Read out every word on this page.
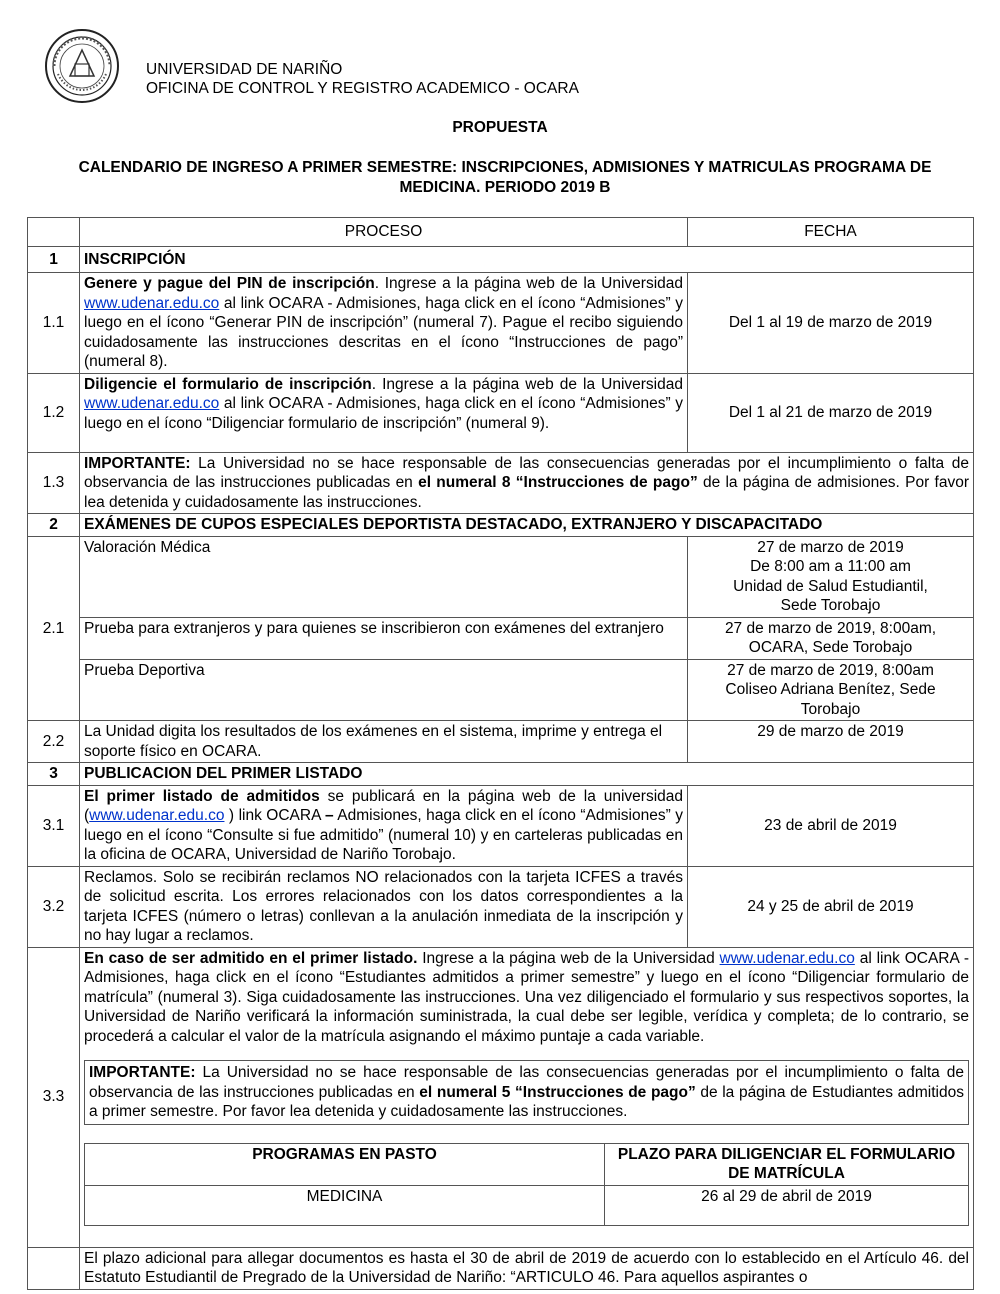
UNIVERSIDAD DE NARIÑO
OFICINA DE CONTROL Y REGISTRO ACADEMICO - OCARA
PROPUESTA
CALENDARIO DE INGRESO A PRIMER SEMESTRE: INSCRIPCIONES, ADMISIONES Y MATRICULAS PROGRAMA DE MEDICINA. PERIODO 2019 B
	PROCESO	FECHA
1	INSCRIPCIÓN
1.1	Genere y pague del PIN de inscripción. Ingrese a la página web de la Universidad www.udenar.edu.co al link OCARA - Admisiones, haga click en el ícono “Admisiones” y luego en el ícono “Generar PIN de inscripción” (numeral 7). Pague el recibo siguiendo cuidadosamente las instrucciones descritas en el ícono “Instrucciones de pago” (numeral 8).	Del 1 al 19 de marzo de 2019
1.2	Diligencie el formulario de inscripción. Ingrese a la página web de la Universidad www.udenar.edu.co al link OCARA - Admisiones, haga click en el ícono “Admisiones” y luego en el ícono “Diligenciar formulario de inscripción” (numeral 9).	Del 1 al 21 de marzo de 2019
1.3	IMPORTANTE: La Universidad no se hace responsable de las consecuencias generadas por el incumplimiento o falta de observancia de las instrucciones publicadas en el numeral 8 “Instrucciones de pago” de la página de admisiones. Por favor lea detenida y cuidadosamente las instrucciones.
2	EXÁMENES DE CUPOS ESPECIALES DEPORTISTA DESTACADO, EXTRANJERO Y DISCAPACITADO
2.1	Valoración Médica	27 de marzo de 2019
De 8:00 am a 11:00 am
Unidad de Salud Estudiantil,
Sede Torobajo

Prueba para extranjeros y para quienes se inscribieron con exámenes del extranjero	27 de marzo de 2019, 8:00am,
OCARA, Sede Torobajo

Prueba Deportiva	27 de marzo de 2019, 8:00am
Coliseo Adriana Benítez, Sede
Torobajo

2.2	La Unidad digita los resultados de los exámenes en el sistema, imprime y entrega el soporte físico en OCARA.	29 de marzo de 2019
3	PUBLICACION DEL PRIMER LISTADO
3.1	El primer listado de admitidos se publicará en la página web de la universidad (www.udenar.edu.co ) link OCARA – Admisiones, haga click en el ícono “Admisiones” y luego en el ícono “Consulte si fue admitido” (numeral 10) y en carteleras publicadas en la oficina de OCARA, Universidad de Nariño Torobajo.	23 de abril de 2019
3.2	Reclamos. Solo se recibirán reclamos NO relacionados con la tarjeta ICFES a través de solicitud escrita. Los errores relacionados con los datos correspondientes a la tarjeta ICFES (número o letras) conllevan a la anulación inmediata de la inscripción y no hay lugar a reclamos.	24 y 25 de abril de 2019
3.3	
En caso de ser admitido en el primer listado. Ingrese a la página web de la Universidad www.udenar.edu.co al link OCARA - Admisiones, haga click en el ícono “Estudiantes admitidos a primer semestre” y luego en el ícono “Diligenciar formulario de matrícula” (numeral 3). Siga cuidadosamente las instrucciones. Una vez diligenciado el formulario y sus respectivos soportes, la Universidad de Nariño verificará la información suministrada, la cual debe ser legible, verídica y completa; de lo contrario, se procederá a calcular el valor de la matrícula asignando el máximo puntaje a cada variable.
IMPORTANTE: La Universidad no se hace responsable de las consecuencias generadas por el incumplimiento o falta de observancia de las instrucciones publicadas en el numeral 5 “Instrucciones de pago” de la página de Estudiantes admitidos a primer semestre. Por favor lea detenida y cuidadosamente las instrucciones.
PROGRAMAS EN PASTO	PLAZO PARA DILIGENCIAR EL FORMULARIO DE MATRÍCULA
MEDICINA	26 al 29 de abril de 2019

	El plazo adicional para allegar documentos es hasta el 30 de abril de 2019 de acuerdo con lo establecido en el Artículo 46. del Estatuto Estudiantil de Pregrado de la Universidad de Nariño: “ARTICULO 46. Para aquellos aspirantes o
